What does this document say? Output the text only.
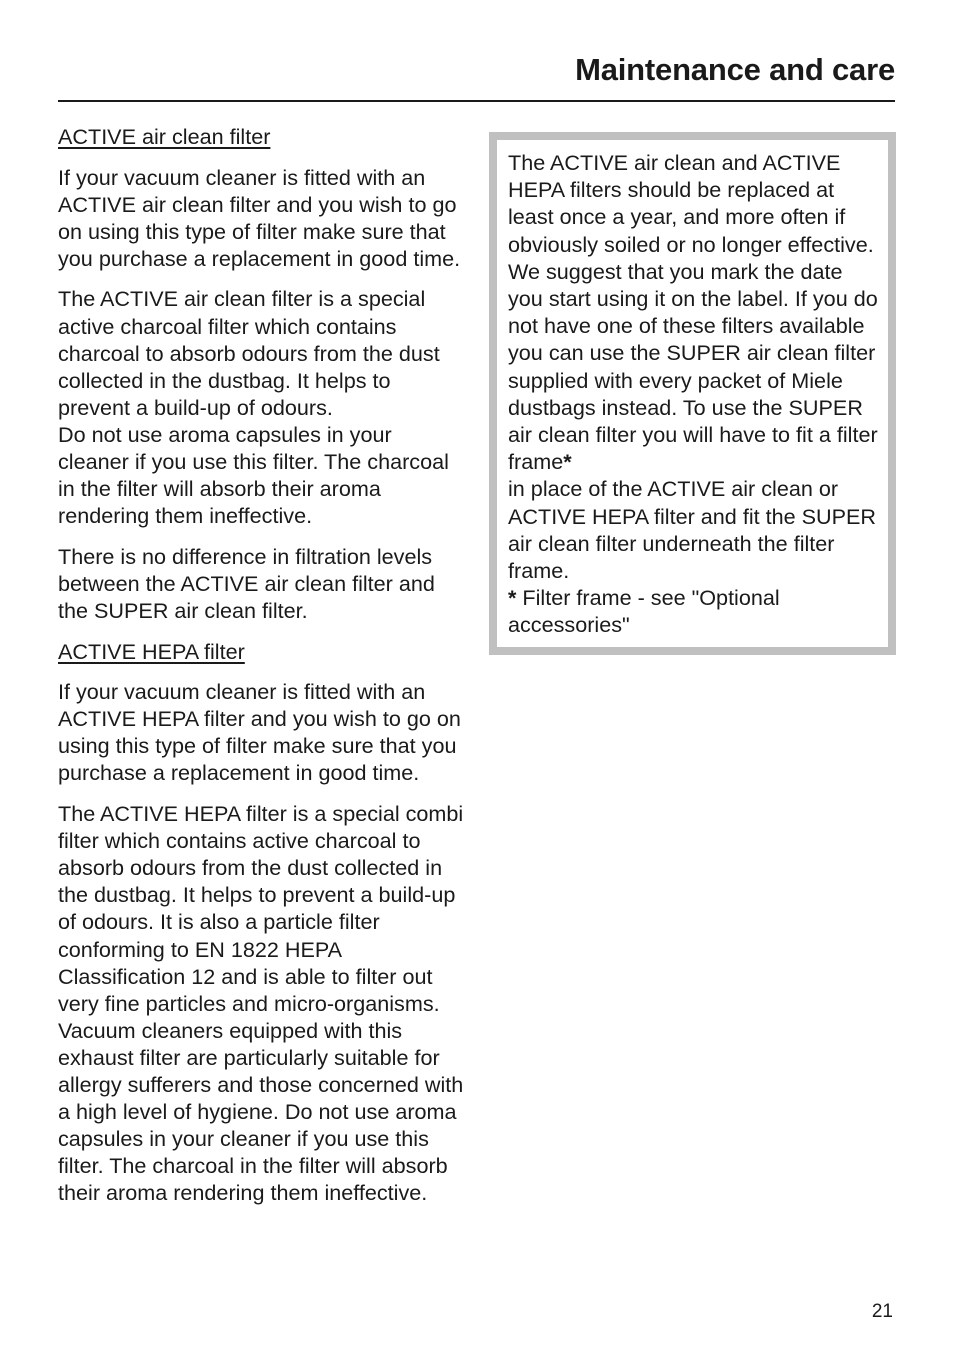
Maintenance and care

ACTIVE air clean filter

If your vacuum cleaner is fitted with an ACTIVE air clean filter and you wish to go on using this type of filter make sure that you purchase a replacement in good time.

The ACTIVE air clean filter is a special active charcoal filter which contains charcoal to absorb odours from the dust collected in the dustbag. It helps to prevent a build-up of odours.
Do not use aroma capsules in your cleaner if you use this filter. The charcoal in the filter will absorb their aroma rendering them ineffective.

There is no difference in filtration levels between the ACTIVE air clean filter and the SUPER air clean filter.

ACTIVE HEPA filter

If your vacuum cleaner is fitted with an ACTIVE HEPA filter and you wish to go on using this type of filter make sure that you purchase a replacement in good time.

The ACTIVE HEPA filter is a special combi filter which contains active charcoal to absorb odours from the dust collected in the dustbag. It helps to prevent a build-up of odours. It is also a particle filter conforming to EN 1822 HEPA Classification 12 and is able to filter out very fine particles and micro-organisms. Vacuum cleaners equipped with this exhaust filter are particularly suitable for allergy sufferers and those concerned with a high level of hygiene. Do not use aroma capsules in your cleaner if you use this filter. The charcoal in the filter will absorb their aroma rendering them ineffective.

The ACTIVE air clean and ACTIVE HEPA filters should be replaced at least once a year, and more often if obviously soiled or no longer effective. We suggest that you mark the date you start using it on the label. If you do not have one of these filters available you can use the SUPER air clean filter supplied with every packet of Miele dustbags instead. To use the SUPER air clean filter you will have to fit a filter frame*
in place of the ACTIVE air clean or ACTIVE HEPA filter and fit the SUPER air clean filter underneath the filter frame.
* Filter frame - see "Optional accessories"

21
